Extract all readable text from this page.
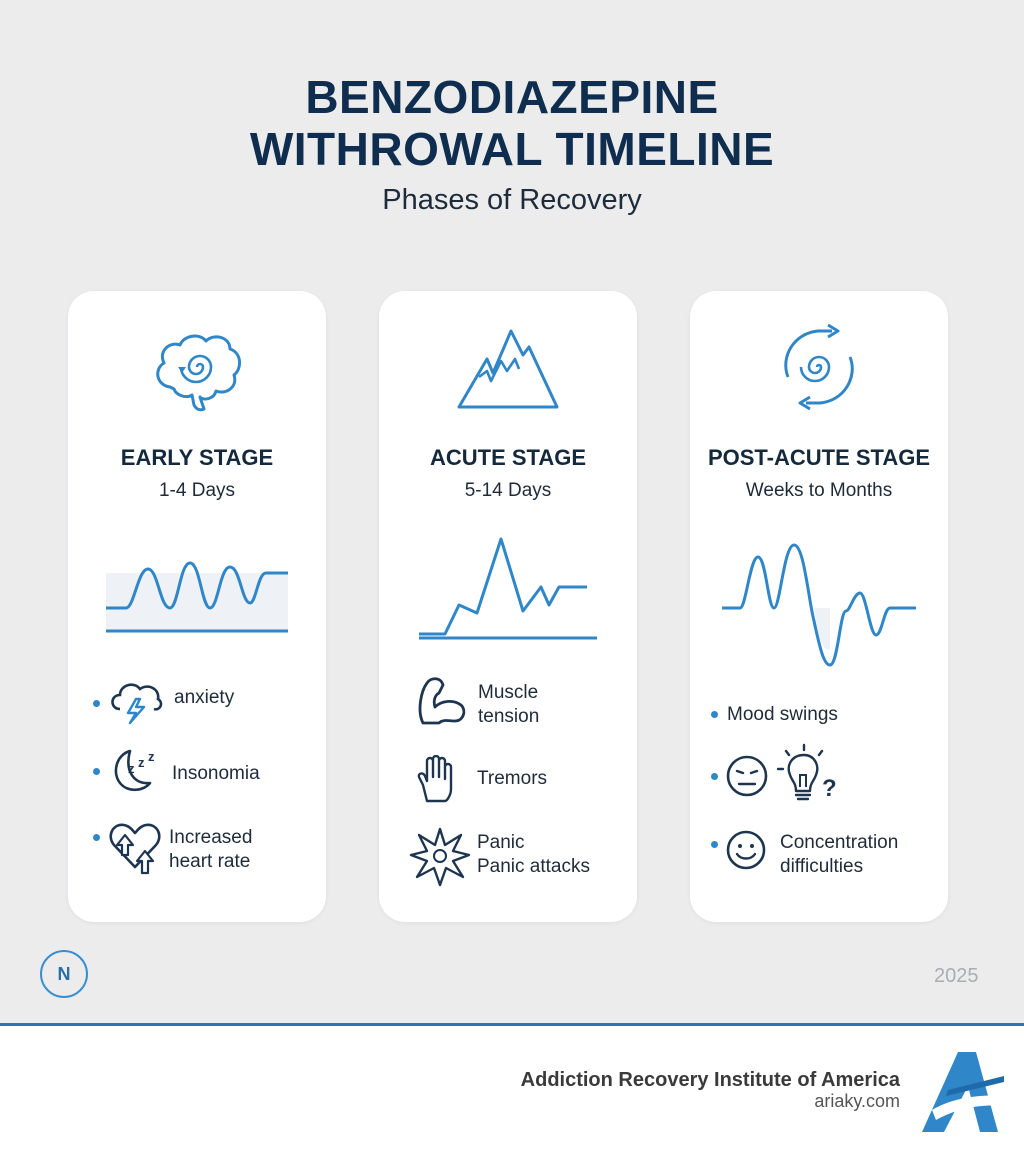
BENZODIAZEPINE
WITHROWAL TIMELINE
Phases of Recovery
EARLY STAGE
1-4 Days
anxiety
z z z
Insonomia
Increased
heart rate
ACUTE STAGE
5-14 Days
Muscle
tension
Tremors
Panic
Panic attacks
POST-ACUTE STAGE
Weeks to Months
Mood swings
?
Concentration
difficulties
N	2025
Addiction Recovery Institute of America
ariaky.com
